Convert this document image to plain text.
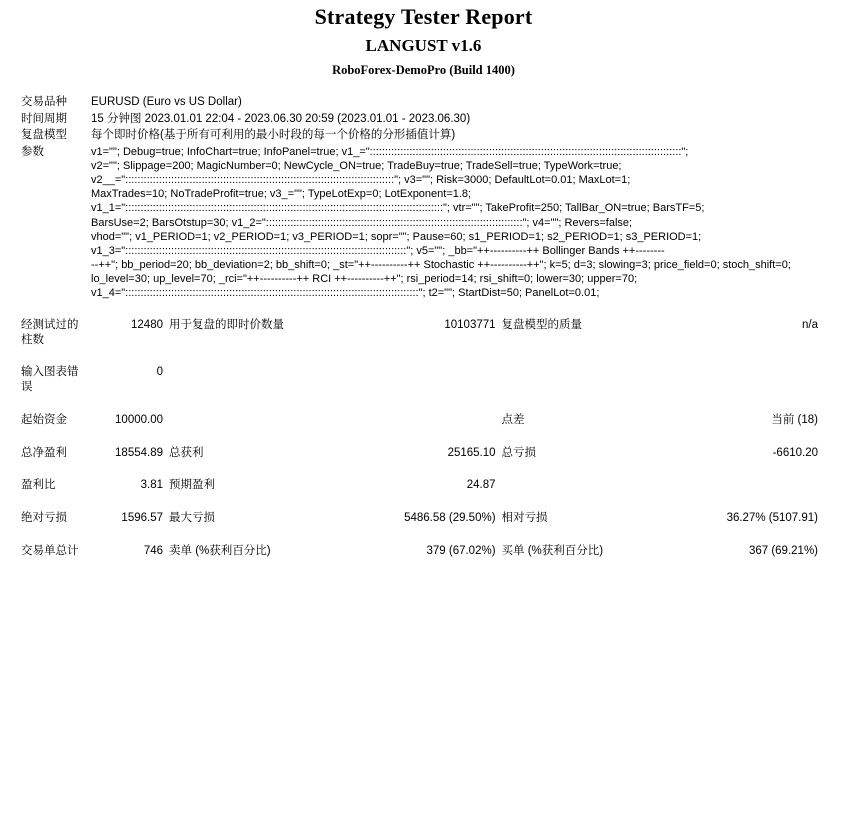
Strategy Tester Report
LANGUST v1.6
RoboForex-DemoPro (Build 1400)
交易品种	EURUSD (Euro vs US Dollar)			
时间周期	15 分钟图 2023.01.01 22:04 - 2023.06.30 20:59 (2023.01.01 - 2023.06.30)			
复盘模型	每个即时价格(基于所有可利用的最小时段的每一个价格的分形插值计算)			
参数	v1=""; Debug=true; InfoChart=true; InfoPanel=true; v1_="::::::::::::::::::::::::::::::::::::::::::::::::::::::::::::::::::::::::::::::::::::::::::::::::::::::";
v2=""; Slippage=200; MagicNumber=0; NewCycle_ON=true; TradeBuy=true; TradeSell=true; TypeWork=true;
v2__="::::::::::::::::::::::::::::::::::::::::::::::::::::::::::::::::::::::::::::::::::::::::"; v3=""; Risk=3000; DefaultLot=0.01; MaxLot=1;
MaxTrades=10; NoTradeProfit=true; v3_=""; TypeLotExp=0; LotExponent=1.8;
v1_1="::::::::::::::::::::::::::::::::::::::::::::::::::::::::::::::::::::::::::::::::::::::::::::::::::::::::"; vtr=""; TakeProfit=250; TallBar_ON=true; BarsTF=5;
BarsUse=2; BarsOtstup=30; v1_2="::::::::::::::::::::::::::::::::::::::::::::::::::::::::::::::::::::::::::::::::::::"; v4=""; Revers=false;
vhod=""; v1_PERIOD=1; v2_PERIOD=1; v3_PERIOD=1; sopr=""; Pause=60; s1_PERIOD=1; s2_PERIOD=1; s3_PERIOD=1;
v1_3="::::::::::::::::::::::::::::::::::::::::::::::::::::::::::::::::::::::::::::::::::::::::::::"; v5=""; _bb="++----------++ Bollinger Bands ++--------
--++"; bb_period=20; bb_deviation=2; bb_shift=0; _st="++----------++ Stochastic ++----------++"; k=5; d=3; slowing=3; price_field=0; stoch_shift=0;
lo_level=30; up_level=70; _rci="++----------++ RCI ++----------++"; rsi_period=14; rsi_shift=0; lower=30; upper=70;
v1_4="::::::::::::::::::::::::::::::::::::::::::::::::::::::::::::::::::::::::::::::::::::::::::::::::"; t2=""; StartDist=50; PanelLot=0.01;

经测试过的柱数	12480	用于复盘的即时价数量	10103771	复盘模型的质量 n/a

输入图表错误	0			

起始资金	10000.00			点差 当前 (18)

总净盈利	18554.89	总获利	25165.10	总亏损 -6610.20

盈利比	3.81	预期盈利	24.87	

绝对亏损	1596.57	最大亏损	5486.58 (29.50%)	相对亏损 36.27% (5107.91)

交易单总计	746	卖单 (%获利百分比)	379 (67.02%)	买单 (%获利百分比) 367 (69.21%)
